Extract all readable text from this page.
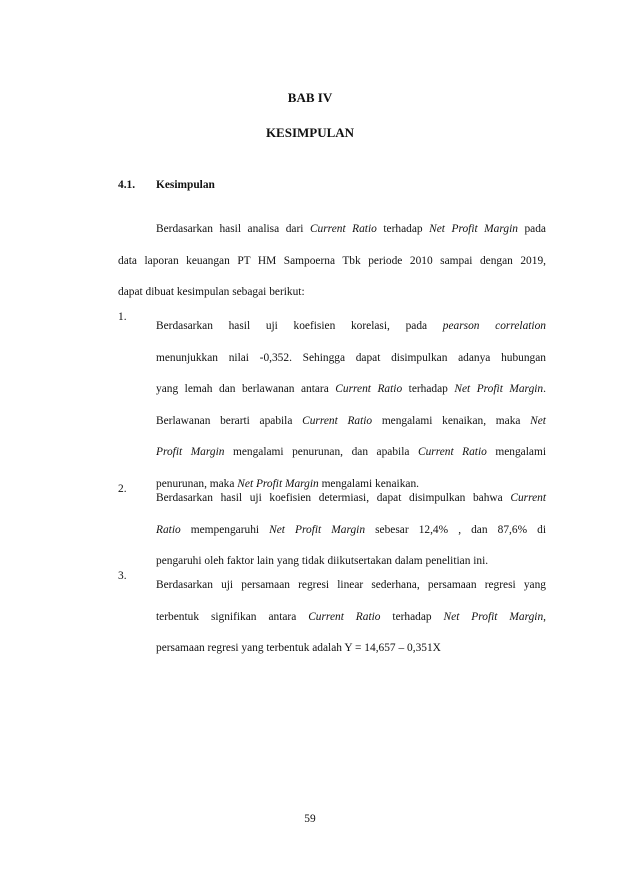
BAB IV
KESIMPULAN
4.1. Kesimpulan
Berdasarkan hasil analisa dari Current Ratio terhadap Net Profit Margin pada
data laporan keuangan PT HM Sampoerna Tbk periode 2010 sampai dengan 2019,
dapat dibuat kesimpulan sebagai berikut:
1.
Berdasarkan hasil uji koefisien korelasi, pada pearson correlation
menunjukkan nilai -0,352. Sehingga dapat disimpulkan adanya hubungan
yang lemah dan berlawanan antara Current Ratio terhadap Net Profit Margin.
Berlawanan berarti apabila Current Ratio mengalami kenaikan, maka Net
Profit Margin mengalami penurunan, dan apabila Current Ratio mengalami
penurunan, maka Net Profit Margin mengalami kenaikan.
2.
Berdasarkan hasil uji koefisien determiasi, dapat disimpulkan bahwa Current
Ratio mempengaruhi Net Profit Margin sebesar 12,4% , dan 87,6% di
pengaruhi oleh faktor lain yang tidak diikutsertakan dalam penelitian ini.
3.
Berdasarkan uji persamaan regresi linear sederhana, persamaan regresi yang
terbentuk signifikan antara Current Ratio terhadap Net Profit Margin,
persamaan regresi yang terbentuk adalah Y = 14,657 – 0,351X
59
